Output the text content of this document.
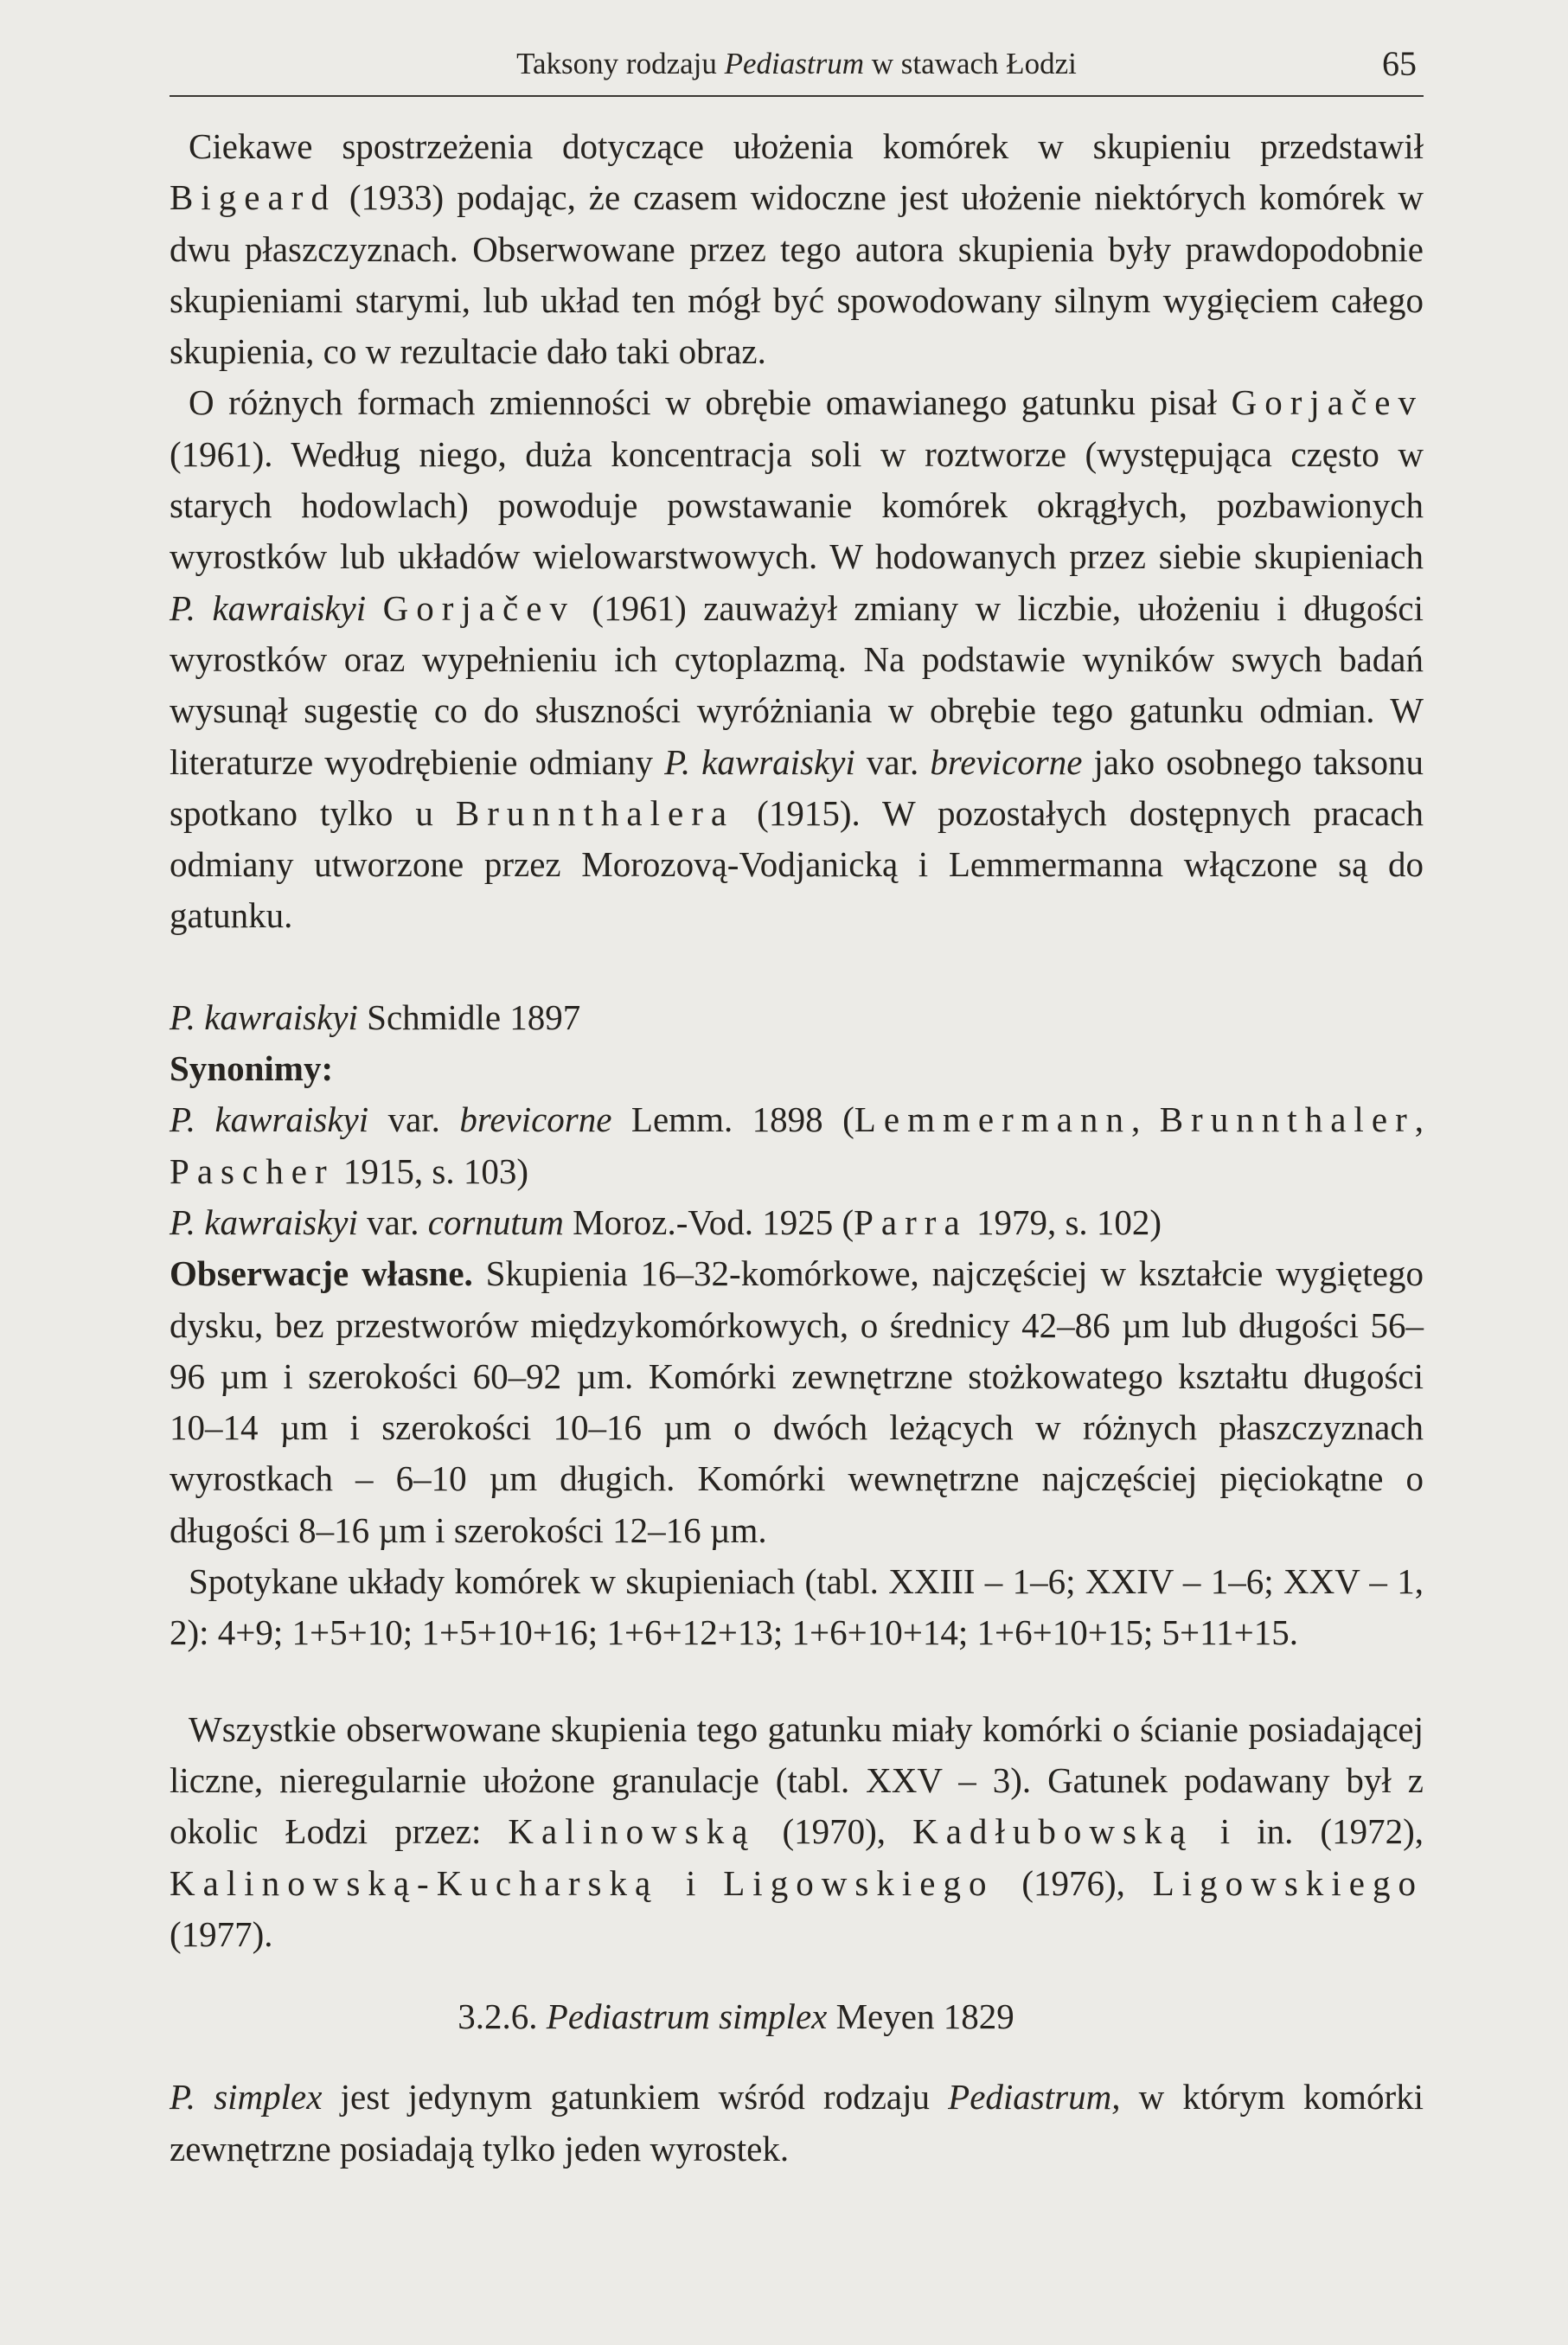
Taksony rodzaju Pediastrum w stawach Łodzi	65

Ciekawe spostrzeżenia dotyczące ułożenia komórek w skupieniu przedstawił Bigeard (1933) podając, że czasem widoczne jest ułożenie niektórych komórek w dwu płaszczyznach. Obserwowane przez tego autora skupienia były prawdopodobnie skupieniami starymi, lub układ ten mógł być spowodowany silnym wygięciem całego skupienia, co w rezultacie dało taki obraz.

O różnych formach zmienności w obrębie omawianego gatunku pisał Gorjačev (1961). Według niego, duża koncentracja soli w roztworze (występująca często w starych hodowlach) powoduje powstawanie komórek okrągłych, pozbawionych wyrostków lub układów wielowarstwowych. W hodowanych przez siebie skupieniach P. kawraiskyi Gorjačev (1961) zauważył zmiany w liczbie, ułożeniu i długości wyrostków oraz wypełnieniu ich cytoplazmą. Na podstawie wyników swych badań wysunął sugestię co do słuszności wyróżniania w obrębie tego gatunku odmian. W literaturze wyodrębienie odmiany P. kawraiskyi var. brevicorne jako osobnego taksonu spotkano tylko u Brunnthalera (1915). W pozostałych dostępnych pracach odmiany utworzone przez Morozovą-Vodjanicką i Lemmermanna włączone są do gatunku.

P. kawraiskyi Schmidle 1897

Synonimy:

P. kawraiskyi var. brevicorne Lemm. 1898 (Lemmermann, Brunnthaler, Pascher 1915, s. 103)

P. kawraiskyi var. cornutum Moroz.-Vod. 1925 (Parra 1979, s. 102)

Obserwacje własne. Skupienia 16–32-komórkowe, najczęściej w kształcie wygiętego dysku, bez przestworów międzykomórkowych, o średnicy 42–86 µm lub długości 56–96 µm i szerokości 60–92 µm. Komórki zewnętrzne stożkowatego kształtu długości 10–14 µm i szerokości 10–16 µm o dwóch leżących w różnych płaszczyznach wyrostkach – 6–10 µm długich. Komórki wewnętrzne najczęściej pięciokątne o długości 8–16 µm i szerokości 12–16 µm.

Spotykane układy komórek w skupieniach (tabl. XXIII – 1–6; XXIV – 1–6; XXV – 1, 2): 4+9; 1+5+10; 1+5+10+16; 1+6+12+13; 1+6+10+14; 1+6+10+15; 5+11+15.

Wszystkie obserwowane skupienia tego gatunku miały komórki o ścianie posiadającej liczne, nieregularnie ułożone granulacje (tabl. XXV – 3). Gatunek podawany był z okolic Łodzi przez: Kalinowską (1970), Kadłubowską i in. (1972), Kalinowską-Kucharską i Ligowskiego (1976), Ligowskiego (1977).

3.2.6. Pediastrum simplex Meyen 1829

P. simplex jest jedynym gatunkiem wśród rodzaju Pediastrum, w którym komórki zewnętrzne posiadają tylko jeden wyrostek.
